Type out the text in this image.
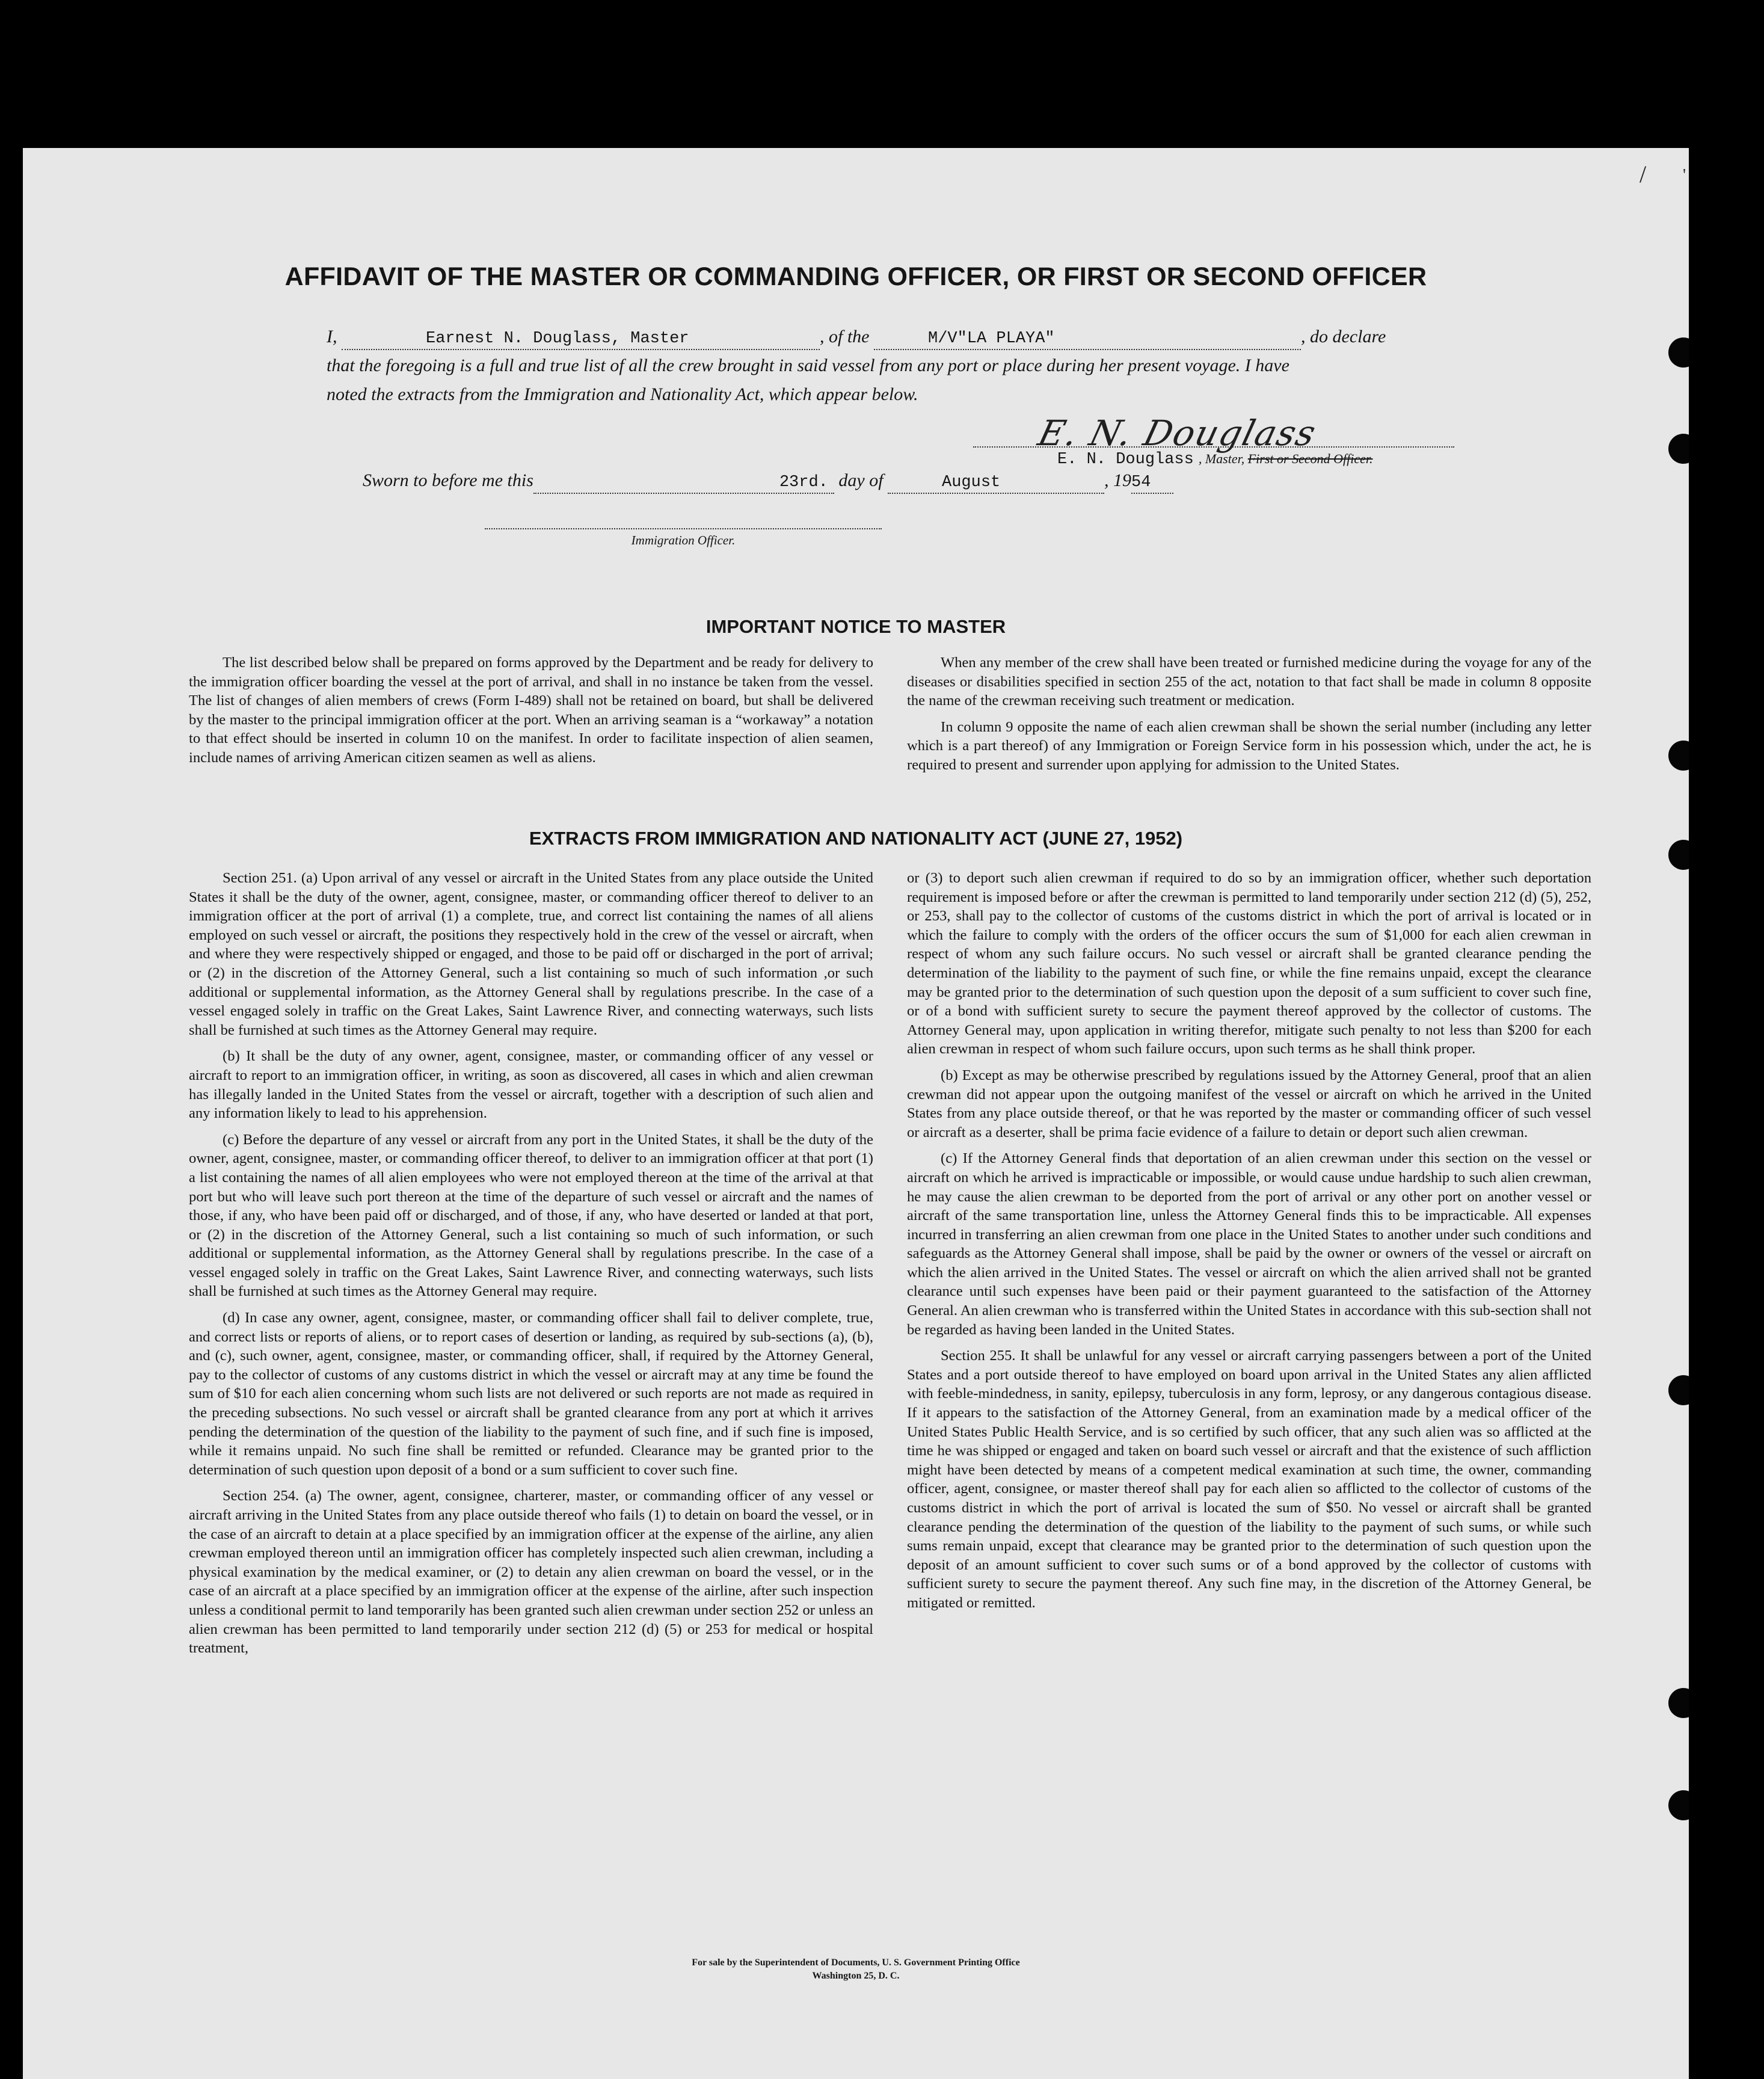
/ '
AFFIDAVIT OF THE MASTER OR COMMANDING OFFICER, OR FIRST OR SECOND OFFICER
I,	Earnest N. Douglass, Master	, of the	M/V"LA PLAYA"	, do declare
that the foregoing is a full and true list of all the crew brought in said vessel from any port or place during her present voyage. I have
noted the extracts from the Immigration and Nationality Act, which appear below.
E. N. Douglass
E. N. Douglass , Master, First or Second Officer.
Sworn to before me this	23rd. day of	August	, 1954
Immigration Officer.
IMPORTANT NOTICE TO MASTER

The list described below shall be prepared on forms approved by the Department and be ready for delivery to the immigration officer boarding the vessel at the port of arrival, and shall in no instance be taken from the vessel. The list of changes of alien members of crews (Form I-489) shall not be retained on board, but shall be delivered by the master to the principal immigration officer at the port. When an arriving seaman is a “workaway” a notation to that effect should be inserted in column 10 on the manifest. In order to facilitate inspection of alien seamen, include names of arriving American citizen seamen as well as aliens.

When any member of the crew shall have been treated or furnished medicine during the voyage for any of the diseases or disabilities specified in section 255 of the act, notation to that fact shall be made in column 8 opposite the name of the crewman receiving such treatment or medication.

In column 9 opposite the name of each alien crewman shall be shown the serial number (including any letter which is a part thereof) of any Immigration or Foreign Service form in his possession which, under the act, he is required to present and surrender upon applying for admission to the United States.

EXTRACTS FROM IMMIGRATION AND NATIONALITY ACT (JUNE 27, 1952)

Section 251. (a) Upon arrival of any vessel or aircraft in the United States from any place outside the United States it shall be the duty of the owner, agent, consignee, master, or commanding officer thereof to deliver to an immigration officer at the port of arrival (1) a complete, true, and correct list containing the names of all aliens employed on such vessel or aircraft, the positions they respectively hold in the crew of the vessel or aircraft, when and where they were respectively shipped or engaged, and those to be paid off or discharged in the port of arrival; or (2) in the discretion of the Attorney General, such a list containing so much of such information ,or such additional or supplemental information, as the Attorney General shall by regulations prescribe. In the case of a vessel engaged solely in traffic on the Great Lakes, Saint Lawrence River, and connecting waterways, such lists shall be furnished at such times as the Attorney General may require.

(b) It shall be the duty of any owner, agent, consignee, master, or commanding officer of any vessel or aircraft to report to an immigration officer, in writing, as soon as discovered, all cases in which and alien crewman has illegally landed in the United States from the vessel or aircraft, together with a description of such alien and any information likely to lead to his apprehension.

(c) Before the departure of any vessel or aircraft from any port in the United States, it shall be the duty of the owner, agent, consignee, master, or commanding officer thereof, to deliver to an immigration officer at that port (1) a list containing the names of all alien employees who were not employed thereon at the time of the arrival at that port but who will leave such port thereon at the time of the departure of such vessel or aircraft and the names of those, if any, who have been paid off or discharged, and of those, if any, who have deserted or landed at that port, or (2) in the discretion of the Attorney General, such a list containing so much of such information, or such additional or supplemental information, as the Attorney General shall by regulations prescribe. In the case of a vessel engaged solely in traffic on the Great Lakes, Saint Lawrence River, and connecting waterways, such lists shall be furnished at such times as the Attorney General may require.

(d) In case any owner, agent, consignee, master, or commanding officer shall fail to deliver complete, true, and correct lists or reports of aliens, or to report cases of desertion or landing, as required by sub-sections (a), (b), and (c), such owner, agent, consignee, master, or commanding officer, shall, if required by the Attorney General, pay to the collector of customs of any customs district in which the vessel or aircraft may at any time be found the sum of $10 for each alien concerning whom such lists are not delivered or such reports are not made as required in the preceding subsections. No such vessel or aircraft shall be granted clearance from any port at which it arrives pending the determination of the question of the liability to the payment of such fine, and if such fine is imposed, while it remains unpaid. No such fine shall be remitted or refunded. Clearance may be granted prior to the determination of such question upon deposit of a bond or a sum sufficient to cover such fine.

Section 254. (a) The owner, agent, consignee, charterer, master, or commanding officer of any vessel or aircraft arriving in the United States from any place outside thereof who fails (1) to detain on board the vessel, or in the case of an aircraft to detain at a place specified by an immigration officer at the expense of the airline, any alien crewman employed thereon until an immigration officer has completely inspected such alien crewman, including a physical examination by the medical examiner, or (2) to detain any alien crewman on board the vessel, or in the case of an aircraft at a place specified by an immigration officer at the expense of the airline, after such inspection unless a conditional permit to land temporarily has been granted such alien crewman under section 252 or unless an alien crewman has been permitted to land temporarily under section 212 (d) (5) or 253 for medical or hospital treatment,

or (3) to deport such alien crewman if required to do so by an immigration officer, whether such deportation requirement is imposed before or after the crewman is permitted to land temporarily under section 212 (d) (5), 252, or 253, shall pay to the collector of customs of the customs district in which the port of arrival is located or in which the failure to comply with the orders of the officer occurs the sum of $1,000 for each alien crewman in respect of whom any such failure occurs. No such vessel or aircraft shall be granted clearance pending the determination of the liability to the payment of such fine, or while the fine remains unpaid, except the clearance may be granted prior to the determination of such question upon the deposit of a sum sufficient to cover such fine, or of a bond with sufficient surety to secure the payment thereof approved by the collector of customs. The Attorney General may, upon application in writing therefor, mitigate such penalty to not less than $200 for each alien crewman in respect of whom such failure occurs, upon such terms as he shall think proper.

(b) Except as may be otherwise prescribed by regulations issued by the Attorney General, proof that an alien crewman did not appear upon the outgoing manifest of the vessel or aircraft on which he arrived in the United States from any place outside thereof, or that he was reported by the master or commanding officer of such vessel or aircraft as a deserter, shall be prima facie evidence of a failure to detain or deport such alien crewman.

(c) If the Attorney General finds that deportation of an alien crewman under this section on the vessel or aircraft on which he arrived is impracticable or impossible, or would cause undue hardship to such alien crewman, he may cause the alien crewman to be deported from the port of arrival or any other port on another vessel or aircraft of the same transportation line, unless the Attorney General finds this to be impracticable. All expenses incurred in transferring an alien crewman from one place in the United States to another under such conditions and safeguards as the Attorney General shall impose, shall be paid by the owner or owners of the vessel or aircraft on which the alien arrived in the United States. The vessel or aircraft on which the alien arrived shall not be granted clearance until such expenses have been paid or their payment guaranteed to the satisfaction of the Attorney General. An alien crewman who is transferred within the United States in accordance with this sub-section shall not be regarded as having been landed in the United States.

Section 255. It shall be unlawful for any vessel or aircraft carrying passengers between a port of the United States and a port outside thereof to have employed on board upon arrival in the United States any alien afflicted with feeble-mindedness, in sanity, epilepsy, tuberculosis in any form, leprosy, or any dangerous contagious disease. If it appears to the satisfaction of the Attorney General, from an examination made by a medical officer of the United States Public Health Service, and is so certified by such officer, that any such alien was so afflicted at the time he was shipped or engaged and taken on board such vessel or aircraft and that the existence of such affliction might have been detected by means of a competent medical examination at such time, the owner, commanding officer, agent, consignee, or master thereof shall pay for each alien so afflicted to the collector of customs of the customs district in which the port of arrival is located the sum of $50. No vessel or aircraft shall be granted clearance pending the determination of the question of the liability to the payment of such sums, or while such sums remain unpaid, except that clearance may be granted prior to the determination of such question upon the deposit of an amount sufficient to cover such sums or of a bond approved by the collector of customs with sufficient surety to secure the payment thereof. Any such fine may, in the discretion of the Attorney General, be mitigated or remitted.

For sale by the Superintendent of Documents, U. S. Government Printing Office
Washington 25, D. C.
